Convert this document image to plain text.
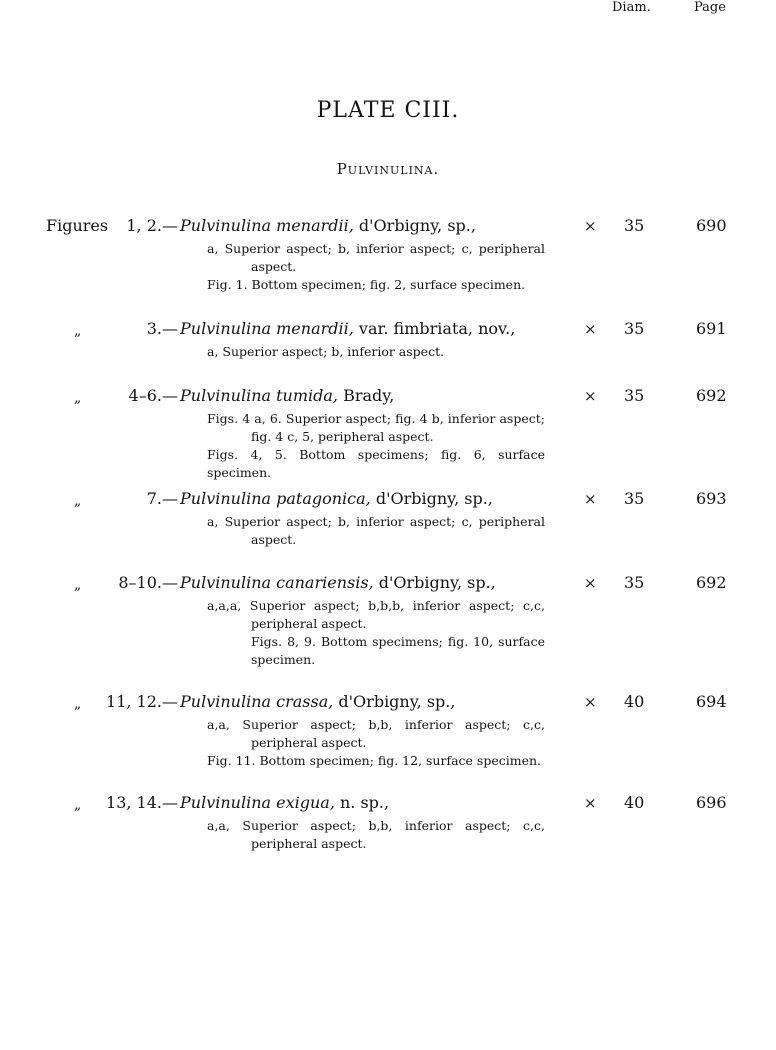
PLATE CIII.
Pulvinulina.
Diam.	Page
Figures 1, 2.— Pulvinulina menardii, d'Orbigny, sp.,	× 35	690

a, Superior aspect; b, inferior aspect; c, peripheral aspect.

Fig. 1. Bottom specimen; fig. 2, surface specimen.

„	3.— Pulvinulina menardii, var. fimbriata, nov.,	× 35	691

a, Superior aspect; b, inferior aspect.

„	4–6.— Pulvinulina tumida, Brady,	× 35	692

Figs. 4 a, 6. Superior aspect; fig. 4 b, inferior aspect; fig. 4 c, 5, peripheral aspect.

Figs. 4, 5. Bottom specimens; fig. 6, surface specimen.

„	7.— Pulvinulina patagonica, d'Orbigny, sp.,	× 35	693

a, Superior aspect; b, inferior aspect; c, peripheral aspect.

„ 8–10.— Pulvinulina canariensis, d'Orbigny, sp.,	× 35	692

a,a,a, Superior aspect; b,b,b, inferior aspect; c,c, peripheral aspect.

Figs. 8, 9. Bottom specimens; fig. 10, surface specimen.

„ 11, 12.— Pulvinulina crassa, d'Orbigny, sp.,	× 40	694

a,a, Superior aspect; b,b, inferior aspect; c,c, peripheral aspect.

Fig. 11. Bottom specimen; fig. 12, surface specimen.

„ 13, 14.— Pulvinulina exigua, n. sp.,	× 40	696

a,a, Superior aspect; b,b, inferior aspect; c,c, peripheral aspect.
